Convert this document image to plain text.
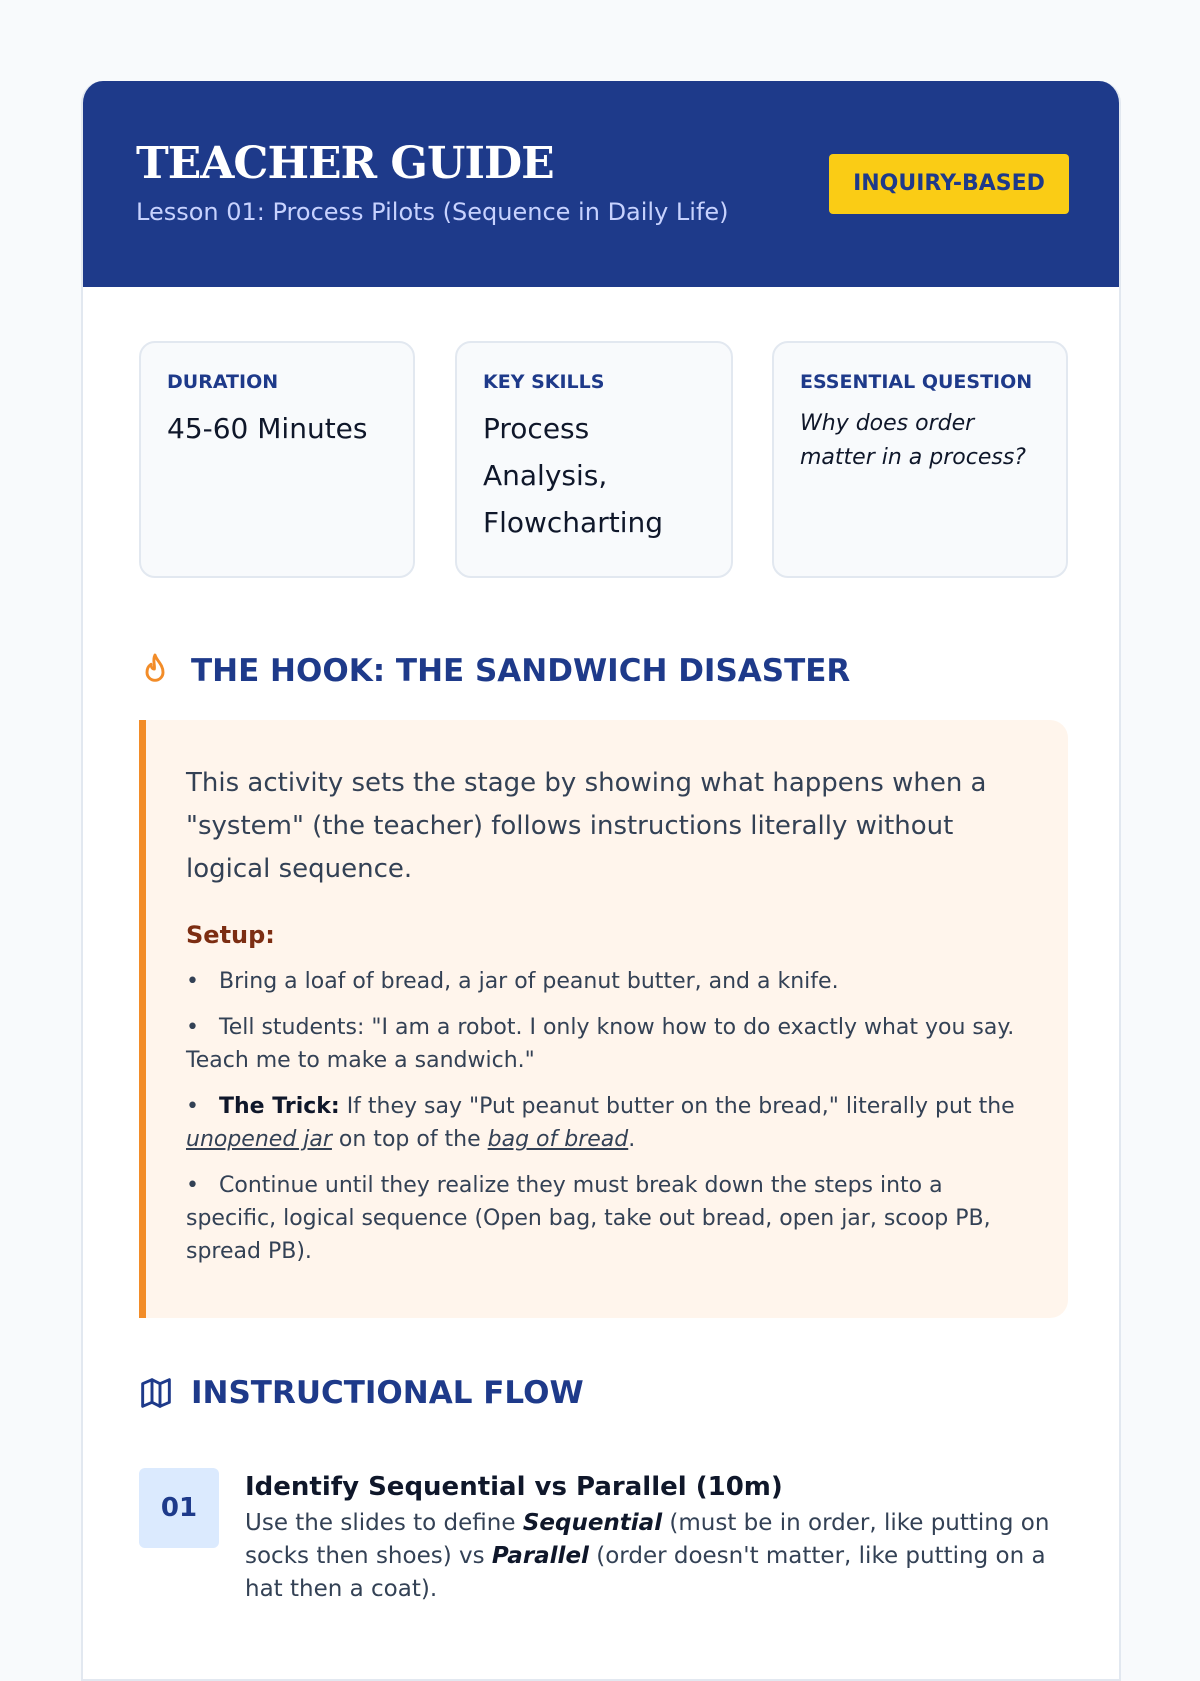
TEACHER GUIDE
Lesson 01: Process Pilots (Sequence in Daily Life)
INQUIRY-BASED
DURATION
45-60 Minutes
KEY SKILLS
Process Analysis, Flowcharting
ESSENTIAL QUESTION
Why does order matter in a process?
THE HOOK: THE SANDWICH DISASTER

This activity sets the stage by showing what happens when a "system" (the teacher) follows instructions literally without logical sequence.

Setup:
•Bring a loaf of bread, a jar of peanut butter, and a knife.
•Tell students: "I am a robot. I only know how to do exactly what you say. Teach me to make a sandwich."
•The Trick: If they say "Put peanut butter on the bread," literally put the unopened jar on top of the bag of bread.
•Continue until they realize they must break down the steps into a specific, logical sequence (Open bag, take out bread, open jar, scoop PB, spread PB).
INSTRUCTIONAL FLOW
01
Identify Sequential vs Parallel (10m)

Use the slides to define Sequential (must be in order, like putting on socks then shoes) vs Parallel (order doesn't matter, like putting on a hat then a coat).
